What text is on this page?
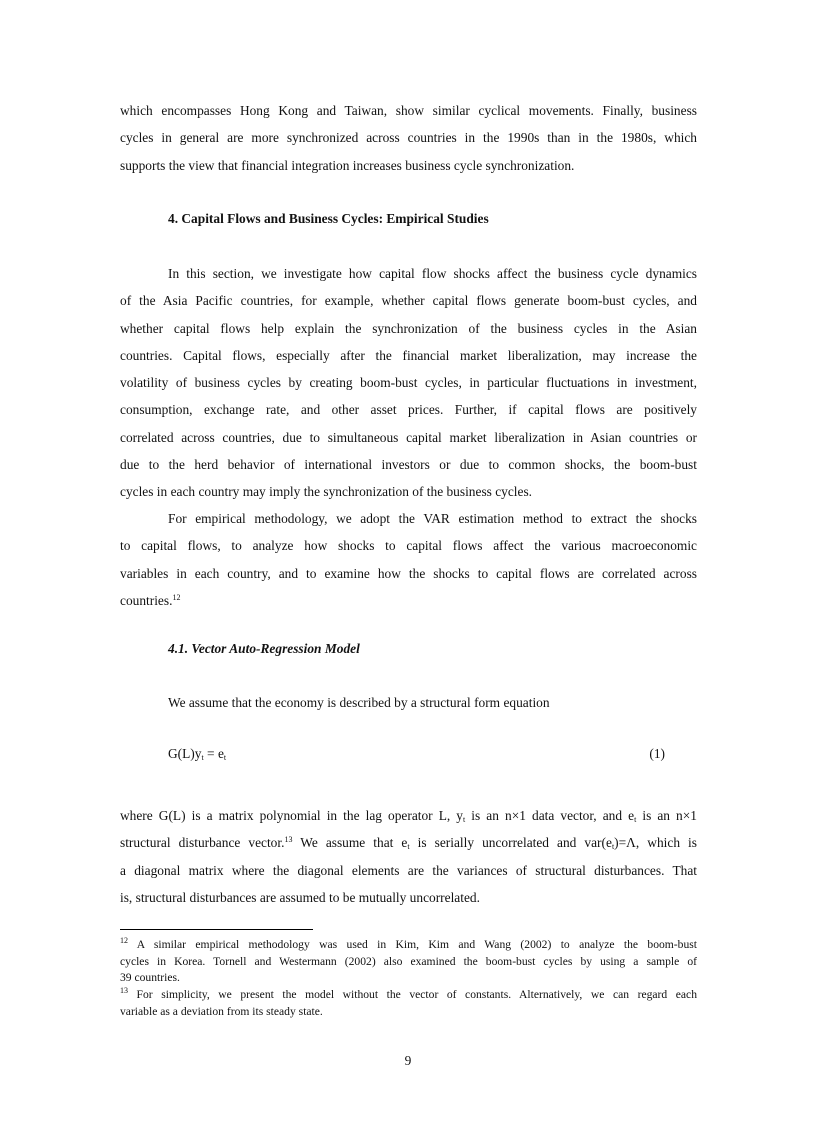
which encompasses Hong Kong and Taiwan, show similar cyclical movements. Finally, business
cycles in general are more synchronized across countries in the 1990s than in the 1980s, which
supports the view that financial integration increases business cycle synchronization.

4. Capital Flows and Business Cycles: Empirical Studies

In this section, we investigate how capital flow shocks affect the business cycle dynamics
of the Asia Pacific countries, for example, whether capital flows generate boom-bust cycles, and
whether capital flows help explain the synchronization of the business cycles in the Asian
countries. Capital flows, especially after the financial market liberalization, may increase the
volatility of business cycles by creating boom-bust cycles, in particular fluctuations in investment,
consumption, exchange rate, and other asset prices. Further, if capital flows are positively
correlated across countries, due to simultaneous capital market liberalization in Asian countries or
due to the herd behavior of international investors or due to common shocks, the boom-bust
cycles in each country may imply the synchronization of the business cycles.
For empirical methodology, we adopt the VAR estimation method to extract the shocks
to capital flows, to analyze how shocks to capital flows affect the various macroeconomic
variables in each country, and to examine how the shocks to capital flows are correlated across
countries.$^{12}$

4.1. Vector Auto-Regression Model

We assume that the economy is described by a structural form equation

$G(L)y_t = e_t$	(1)
where G(L) is a matrix polynomial in the lag operator L, $y_t$ is an n×1 data vector, and $e_t$ is an n×1
structural disturbance vector.$^{13}$ We assume that $e_t$ is serially uncorrelated and $var(e_t)=\Lambda$, which is
a diagonal matrix where the diagonal elements are the variances of structural disturbances. That
is, structural disturbances are assumed to be mutually uncorrelated.
$^{12}$ A similar empirical methodology was used in Kim, Kim and Wang (2002) to analyze the boom-bust
cycles in Korea. Tornell and Westermann (2002) also examined the boom-bust cycles by using a sample of
39 countries.
$^{13}$ For simplicity, we present the model without the vector of constants. Alternatively, we can regard each
variable as a deviation from its steady state.
9
